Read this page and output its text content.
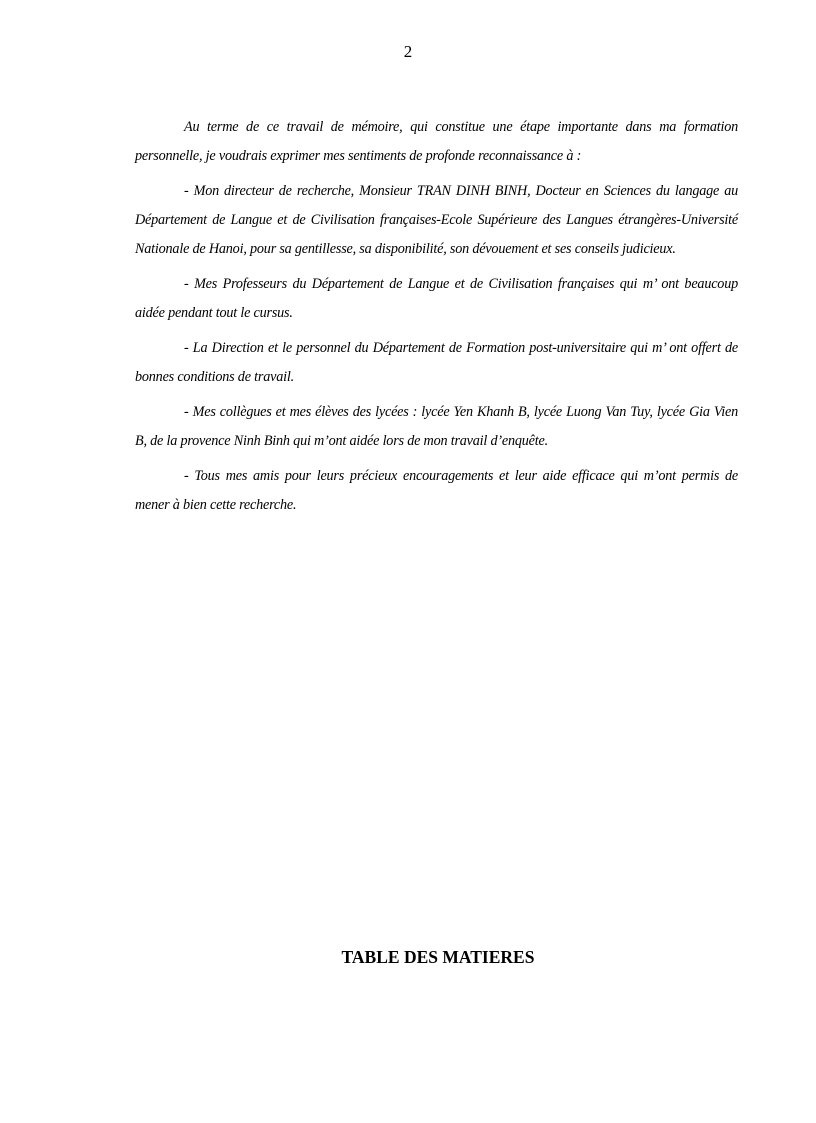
2

Au terme de ce travail de mémoire, qui constitue une étape importante dans ma formation personnelle, je voudrais exprimer mes sentiments de profonde reconnaissance à :

- Mon directeur de recherche, Monsieur TRAN DINH BINH, Docteur en Sciences du langage au Département de Langue et de Civilisation françaises-Ecole Supérieure des Langues étrangères-Université Nationale de Hanoi, pour sa gentillesse, sa disponibilité, son dévouement et ses conseils judicieux.

- Mes Professeurs du Département de Langue et de Civilisation françaises qui m’ ont beaucoup aidée pendant tout le cursus.

- La Direction et le personnel du Département de Formation post-universitaire qui m’ ont offert de bonnes conditions de travail.

- Mes collègues et mes élèves des lycées : lycée Yen Khanh B, lycée Luong Van Tuy, lycée Gia Vien B, de la provence Ninh Binh qui m’ont aidée lors de mon travail d’enquête.

- Tous mes amis pour leurs précieux encouragements et leur aide efficace qui m’ont permis de mener à bien cette recherche.

TABLE DES MATIERES
